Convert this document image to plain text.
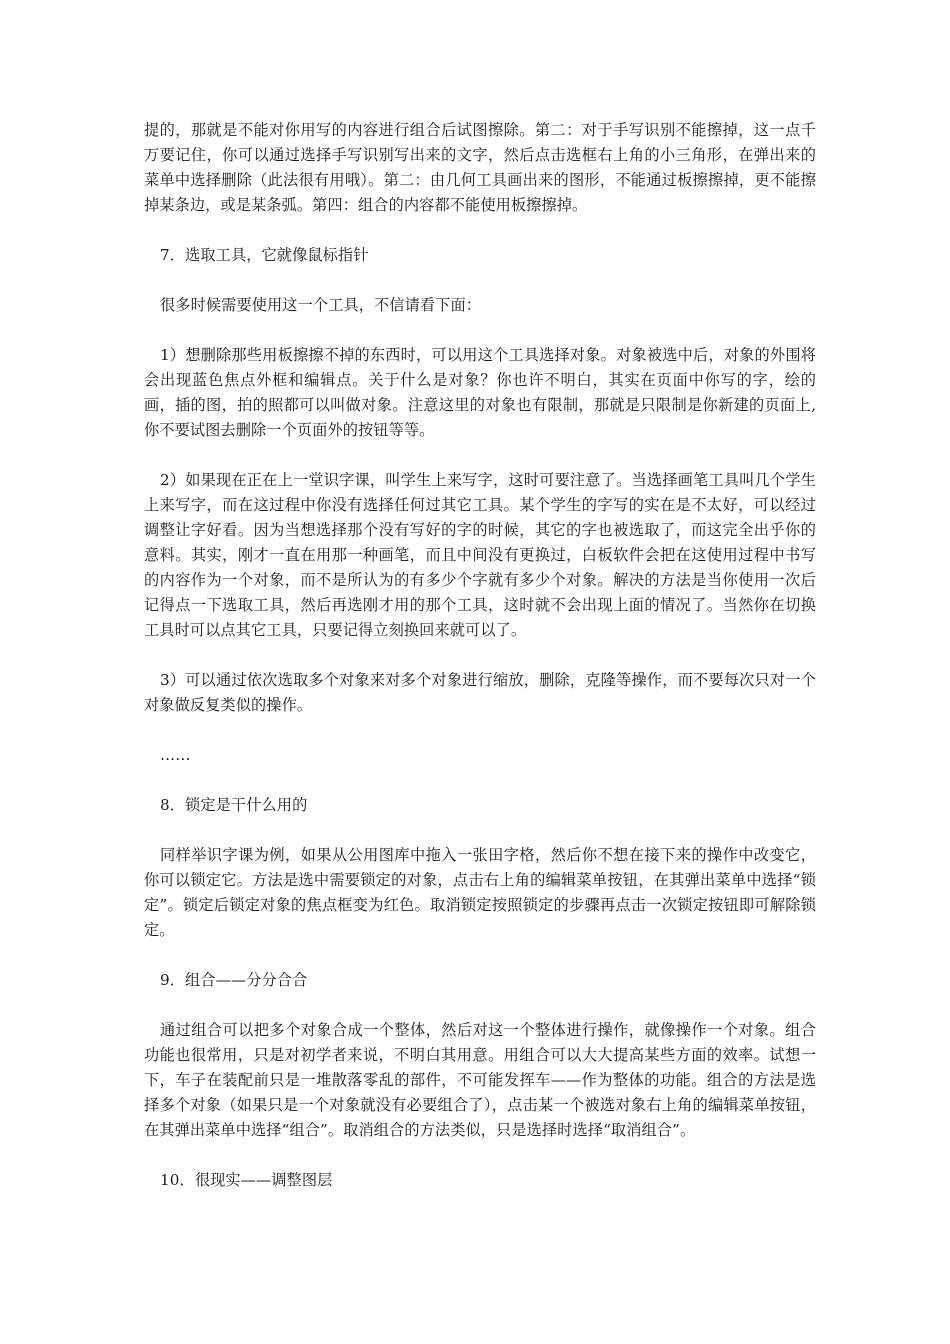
提的，那就是不能对你用写的内容进行组合后试图擦除。第二：对于手写识别不能擦掉，这一点千万要记住，你可以通过选择手写识别写出来的文字，然后点击选框右上角的小三角形，在弹出来的菜单中选择删除（此法很有用哦）。第二：由几何工具画出来的图形，不能通过板擦擦掉，更不能擦掉某条边，或是某条弧。第四：组合的内容都不能使用板擦擦掉。

7．选取工具，它就像鼠标指针

很多时候需要使用这一个工具，不信请看下面：

1）想删除那些用板擦擦不掉的东西时，可以用这个工具选择对象。对象被选中后，对象的外围将会出现蓝色焦点外框和编辑点。关于什么是对象？你也许不明白，其实在页面中你写的字，绘的画，插的图，拍的照都可以叫做对象。注意这里的对象也有限制，那就是只限制是你新建的页面上,你不要试图去删除一个页面外的按钮等等。

2）如果现在正在上一堂识字课，叫学生上来写字，这时可要注意了。当选择画笔工具叫几个学生上来写字，而在这过程中你没有选择任何过其它工具。某个学生的字写的实在是不太好，可以经过调整让字好看。因为当想选择那个没有写好的字的时候，其它的字也被选取了，而这完全出乎你的意料。其实，刚才一直在用那一种画笔，而且中间没有更换过，白板软件会把在这使用过程中书写的内容作为一个对象，而不是所认为的有多少个字就有多少个对象。解决的方法是当你使用一次后记得点一下选取工具，然后再选刚才用的那个工具，这时就不会出现上面的情况了。当然你在切换工具时可以点其它工具，只要记得立刻换回来就可以了。

3）可以通过依次选取多个对象来对多个对象进行缩放，删除，克隆等操作，而不要每次只对一个对象做反复类似的操作。

……

8．锁定是干什么用的

同样举识字课为例，如果从公用图库中拖入一张田字格，然后你不想在接下来的操作中改变它，你可以锁定它。方法是选中需要锁定的对象，点击右上角的编辑菜单按钮，在其弹出菜单中选择“锁定”。锁定后锁定对象的焦点框变为红色。取消锁定按照锁定的步骤再点击一次锁定按钮即可解除锁定。

9．组合——分分合合

通过组合可以把多个对象合成一个整体，然后对这一个整体进行操作，就像操作一个对象。组合功能也很常用，只是对初学者来说，不明白其用意。用组合可以大大提高某些方面的效率。试想一下，车子在装配前只是一堆散落零乱的部件，不可能发挥车——作为整体的功能。组合的方法是选择多个对象（如果只是一个对象就没有必要组合了），点击某一个被选对象右上角的编辑菜单按钮，在其弹出菜单中选择“组合”。取消组合的方法类似，只是选择时选择“取消组合”。

10．很现实——调整图层
